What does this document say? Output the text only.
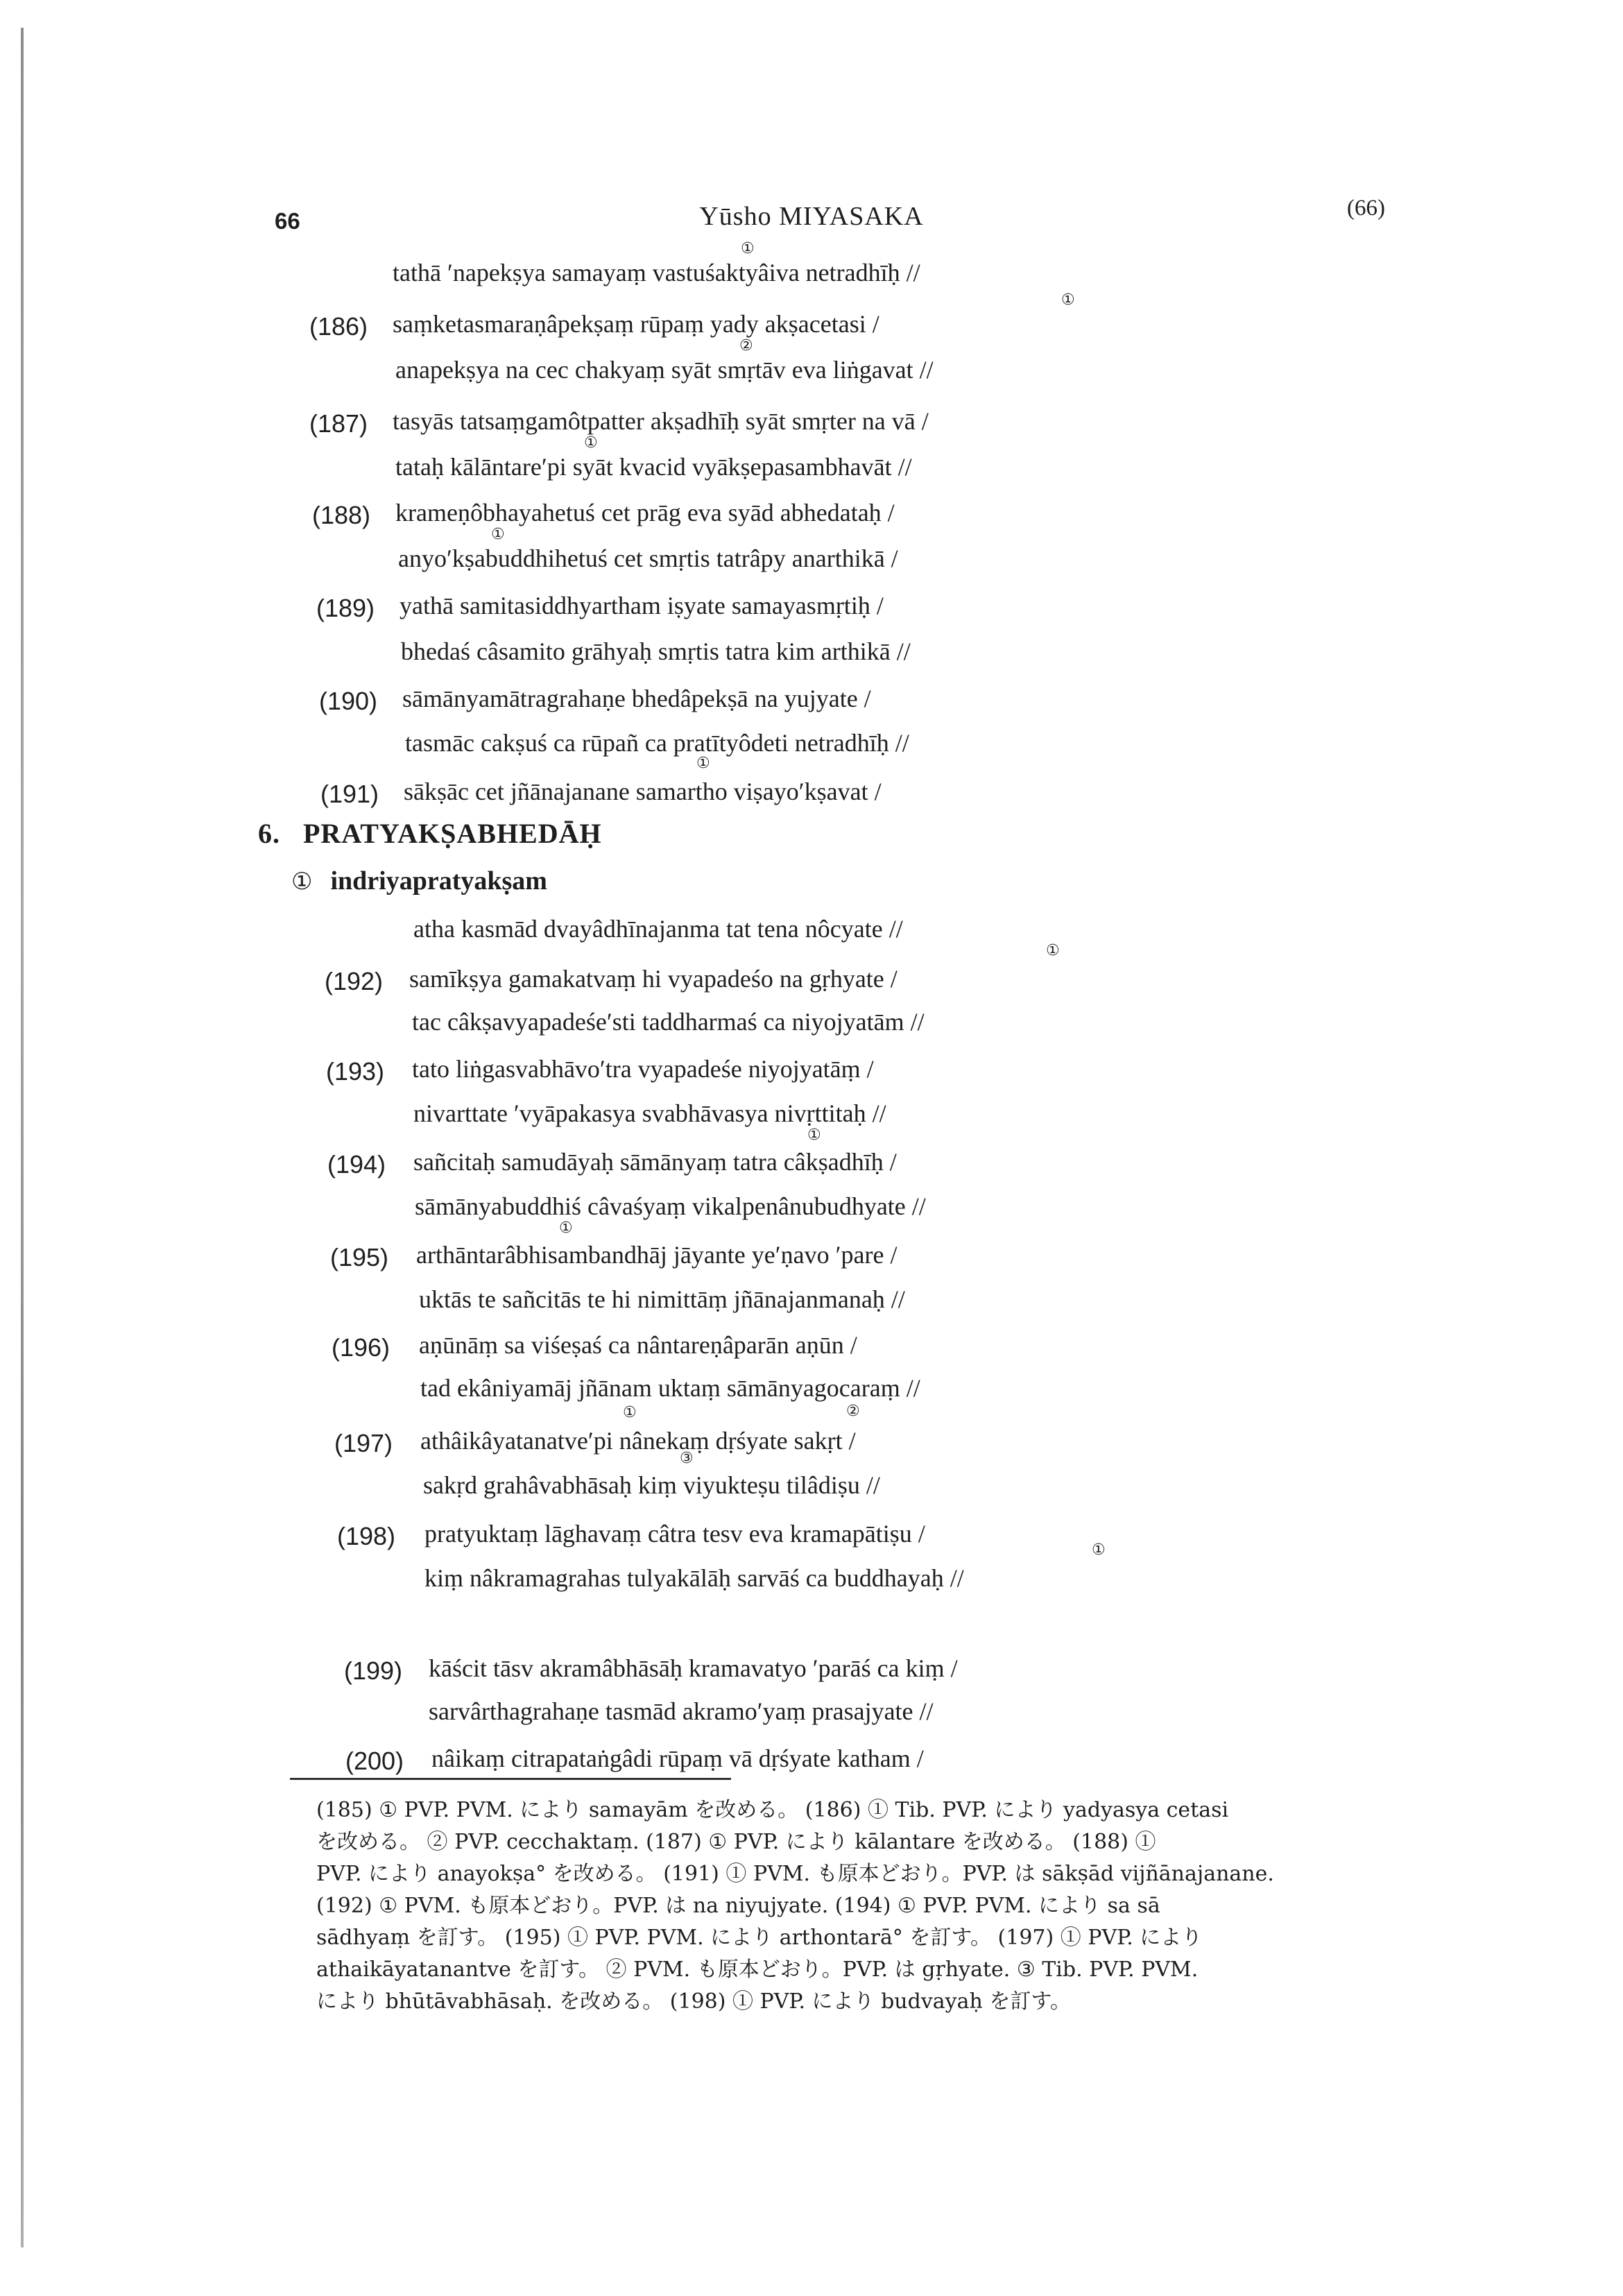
66	Yūsho MIYASAKA	(66)
tathā ′napekṣya samayaṃ vastuśaktyâiva netradhīḥ //
(186) saṃketasmaraṇâpekṣaṃ rūpaṃ yady akṣacetasi /
anapekṣya na cec chakyaṃ syāt smṛtāv eva liṅgavat //
(187) tasyās tatsaṃgamôtpatter akṣadhīḥ syāt smṛter na vā /
tataḥ kālāntare′pi syāt kvacid vyākṣepasambhavāt //
(188) krameṇôbhayahetuś cet prāg eva syād abhedataḥ /
anyo′kṣabuddhihetuś cet smṛtis tatrâpy anarthikā /
(189) yathā samitasiddhyartham iṣyate samayasmṛtiḥ /
bhedaś câsamito grāhyaḥ smṛtis tatra kim arthikā //
(190) sāmānyamātragrahaṇe bhedâpekṣā na yujyate /
tasmāc cakṣuś ca rūpañ ca pratītyôdeti netradhīḥ //
(191) sākṣāc cet jñānajanane samartho viṣayo′kṣavat /
6. PRATYAKṢABHEDĀḤ
① indriyapratyakṣam
atha kasmād dvayâdhīnajanma tat tena nôcyate //
(192) samīkṣya gamakatvaṃ hi vyapadeśo na gṛhyate /
tac câkṣavyapadeśe′sti taddharmaś ca niyojyatām //
(193) tato liṅgasvabhāvo′tra vyapadeśe niyojyatāṃ /
nivarttate ′vyāpakasya svabhāvasya nivṛttitaḥ //
(194) sañcitaḥ samudāyaḥ sāmānyaṃ tatra câkṣadhīḥ /
sāmānyabuddhiś câvaśyaṃ vikalpenânubudhyate //
(195) arthāntarâbhisambandhāj jāyante ye′ṇavo ′pare /
uktās te sañcitās te hi nimittāṃ jñānajanmanaḥ //
(196) aṇūnāṃ sa viśeṣaś ca nântareṇâparān aṇūn /
tad ekâniyamāj jñānam uktaṃ sāmānyagocaraṃ //
(197) athâikâyatanatve′pi nânekaṃ dṛśyate sakṛt /
sakṛd grahâvabhāsaḥ kiṃ viyukteṣu tilâdiṣu //
(198) pratyuktaṃ lāghavaṃ câtra tesv eva kramapātiṣu /
kiṃ nâkramagrahas tulyakālāḥ sarvāś ca buddhayaḥ //
(199) kāścit tāsv akramâbhāsāḥ kramavatyo ′parāś ca kiṃ /
sarvârthagrahaṇe tasmād akramo′yaṃ prasajyate //
(200) nâikaṃ citrapataṅgâdi rūpaṃ vā dṛśyate katham /
①
①
②
①
①
①
①
①
①
①	②
③
①
(185) ① PVP. PVM. により samayām を改める。 (186) ① Tib. PVP. により yadyasya cetasi
を改める。 ② PVP. cecchaktaṃ. (187) ① PVP. により kālantare を改める。 (188) ①
PVP. により anayokṣa° を改める。 (191) ① PVM. も原本どおり。PVP. は sākṣād vijñānajanane.
(192) ① PVM. も原本どおり。PVP. は na niyujyate. (194) ① PVP. PVM. により sa sā
sādhyaṃ を訂す。 (195) ① PVP. PVM. により arthontarā° を訂す。 (197) ① PVP. により
athaikāyatanantve を訂す。 ② PVM. も原本どおり。PVP. は gṛhyate. ③ Tib. PVP. PVM.
により bhūtāvabhāsaḥ. を改める。 (198) ① PVP. により budvayaḥ を訂す。
